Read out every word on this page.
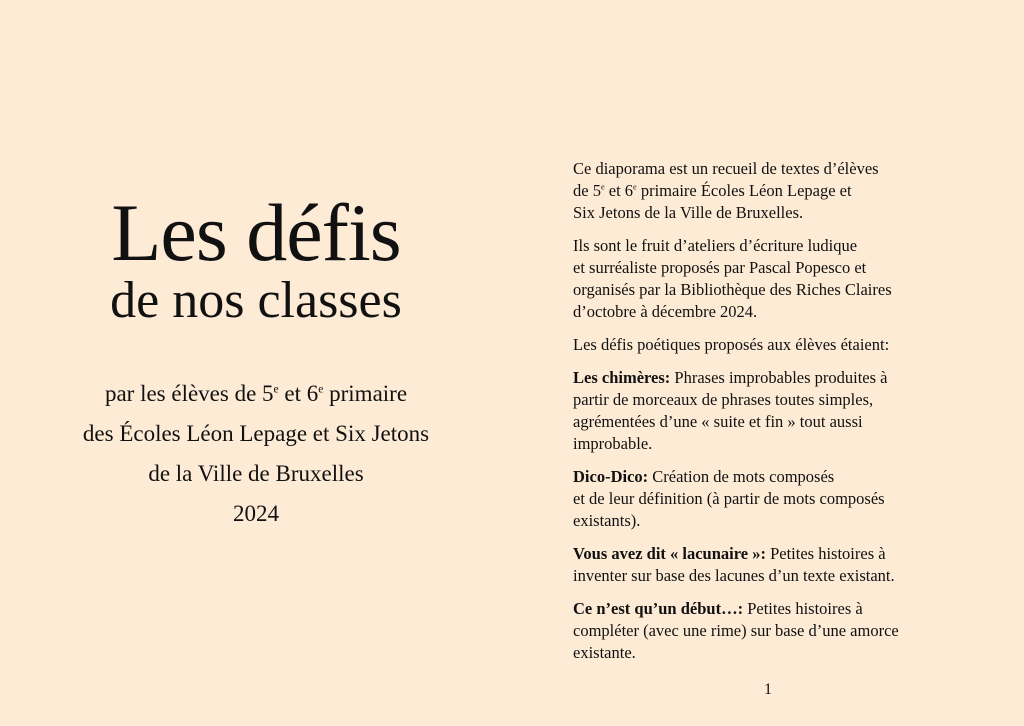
Les défis
de nos classes
par les élèves de 5e et 6e primaire
des Écoles Léon Lepage et Six Jetons
de la Ville de Bruxelles
2024

Ce diaporama est un recueil de textes d’élèves
de 5e et 6e primaire Écoles Léon Lepage et
Six Jetons de la Ville de Bruxelles.

Ils sont le fruit d’ateliers d’écriture ludique
et surréaliste proposés par Pascal Popesco et
organisés par la Bibliothèque des Riches Claires
d’octobre à décembre 2024.

Les défis poétiques proposés aux élèves étaient:

Les chimères: Phrases improbables produites à
partir de morceaux de phrases toutes simples,
agrémentées d’une « suite et fin » tout aussi
improbable.

Dico-Dico: Création de mots composés
et de leur définition (à partir de mots composés
existants).

Vous avez dit « lacunaire »: Petites histoires à
inventer sur base des lacunes d’un texte existant.

Ce n’est qu’un début…: Petites histoires à
compléter (avec une rime) sur base d’une amorce
existante.

1
